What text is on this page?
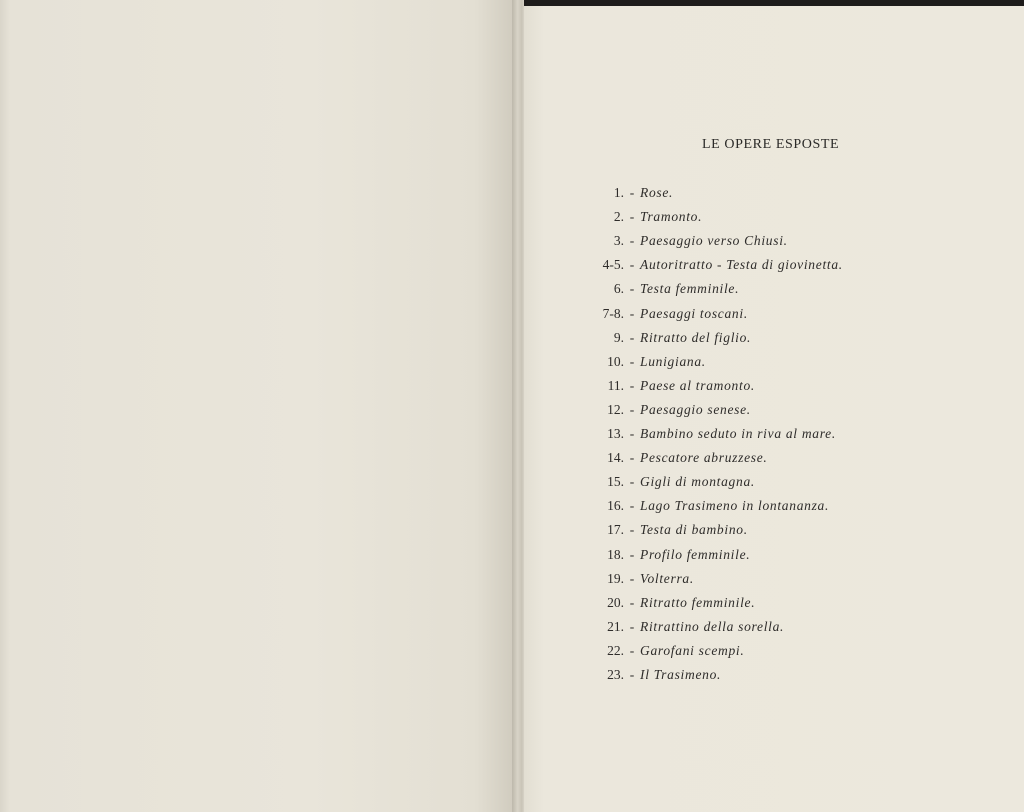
LE OPERE ESPOSTE
1. - Rose.
2. - Tramonto.
3. - Paesaggio verso Chiusi.
4-5. - Autoritratto - Testa di giovinetta.
6. - Testa femminile.
7-8. - Paesaggi toscani.
9. - Ritratto del figlio.
10. - Lunigiana.
11. - Paese al tramonto.
12. - Paesaggio senese.
13. - Bambino seduto in riva al mare.
14. - Pescatore abruzzese.
15. - Gigli di montagna.
16. - Lago Trasimeno in lontananza.
17. - Testa di bambino.
18. - Profilo femminile.
19. - Volterra.
20. - Ritratto femminile.
21. - Ritrattino della sorella.
22. - Garofani scempi.
23. - Il Trasimeno.
